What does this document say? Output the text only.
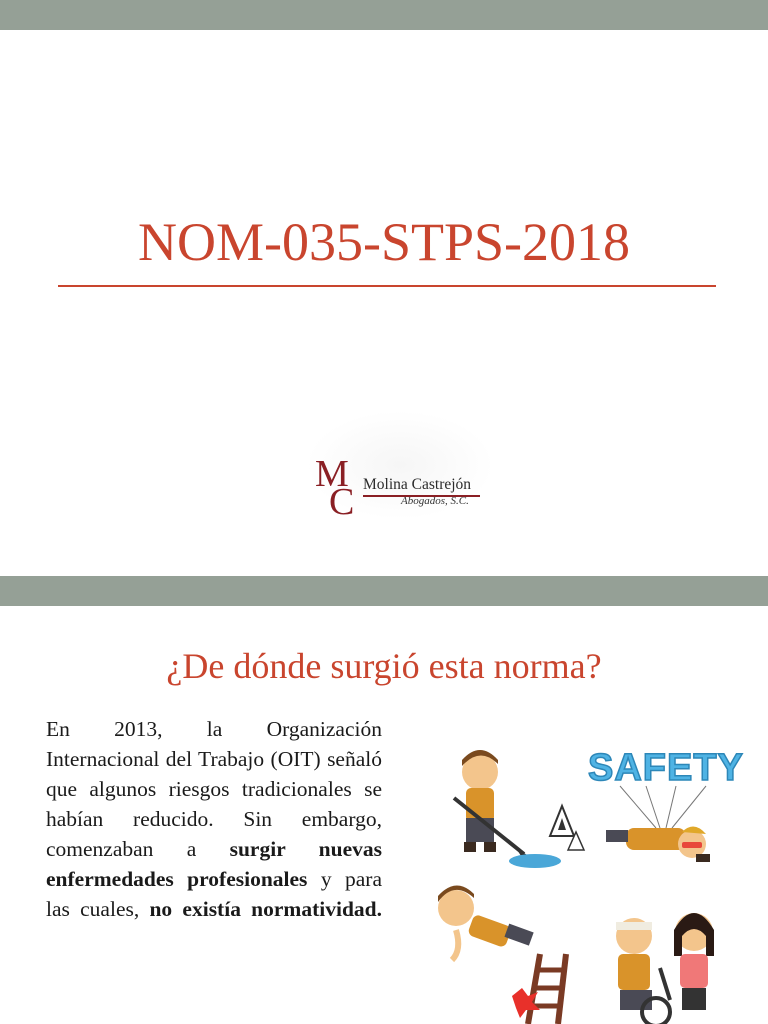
NOM-035-STPS-2018
M
C Molina Castrejón
Abogados, S.C.
¿De dónde surgió esta norma?
En 2013, la Organización Internacional del Trabajo (OIT) señaló que algunos riesgos tradicionales se habían reducido. Sin embargo, comenzaban a surgir nuevas enfermedades profesionales y para las cuales, no existía normatividad.
SAFETY
